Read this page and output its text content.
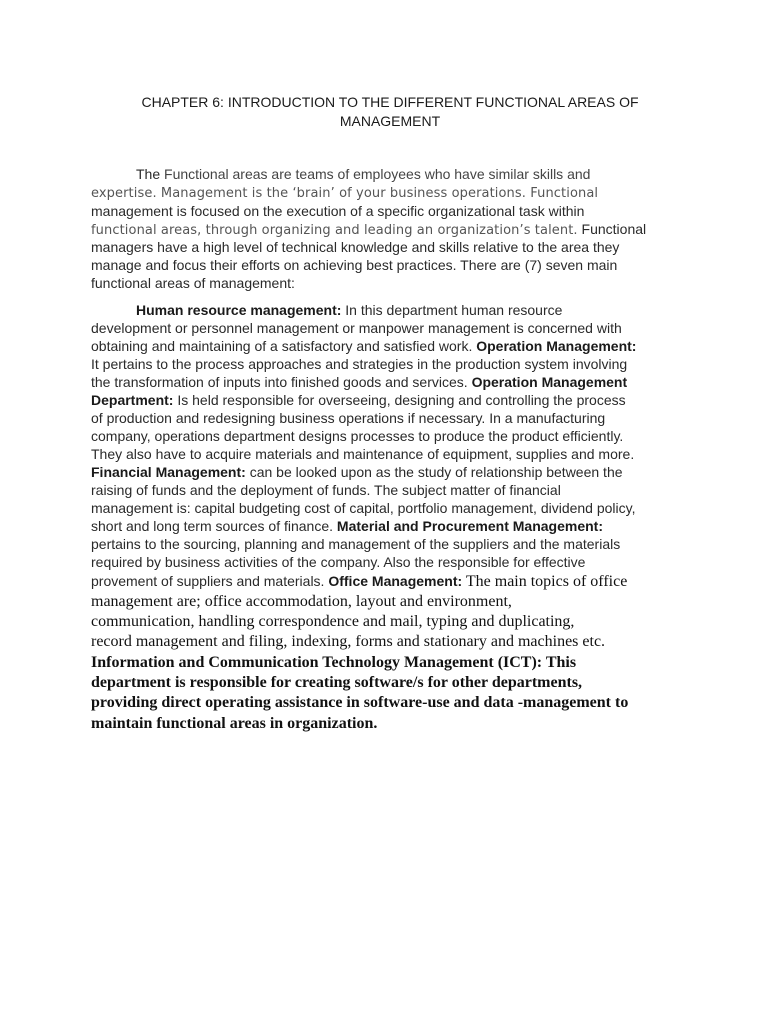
CHAPTER 6: INTRODUCTION TO THE DIFFERENT FUNCTIONAL AREAS OF
MANAGEMENT
The Functional areas are teams of employees who have similar skills and
expertise. Management is the ‘brain’ of your business operations. Functional
management is focused on the execution of a specific organizational task within
functional areas, through organizing and leading an organization’s talent. Functional
managers have a high level of technical knowledge and skills relative to the area they
manage and focus their efforts on achieving best practices. There are (7) seven main
functional areas of management:
Human resource management: In this department human resource
development or personnel management or manpower management is concerned with
obtaining and maintaining of a satisfactory and satisfied work. Operation Management:
It pertains to the process approaches and strategies in the production system involving
the transformation of inputs into finished goods and services. Operation Management
Department: Is held responsible for overseeing, designing and controlling the process
of production and redesigning business operations if necessary. In a manufacturing
company, operations department designs processes to produce the product efficiently.
They also have to acquire materials and maintenance of equipment, supplies and more.
Financial Management: can be looked upon as the study of relationship between the
raising of funds and the deployment of funds. The subject matter of financial
management is: capital budgeting cost of capital, portfolio management, dividend policy,
short and long term sources of finance. Material and Procurement Management:
pertains to the sourcing, planning and management of the suppliers and the materials
required by business activities of the company. Also the responsible for effective
provement of suppliers and materials. Office Management: The main topics of office
management are; office accommodation, layout and environment,
communication, handling correspondence and mail, typing and duplicating,
record management and filing, indexing, forms and stationary and machines etc.
Information and Communication Technology Management (ICT): This
department is responsible for creating software/s for other departments,
providing direct operating assistance in software-use and data -management to
maintain functional areas in organization.
